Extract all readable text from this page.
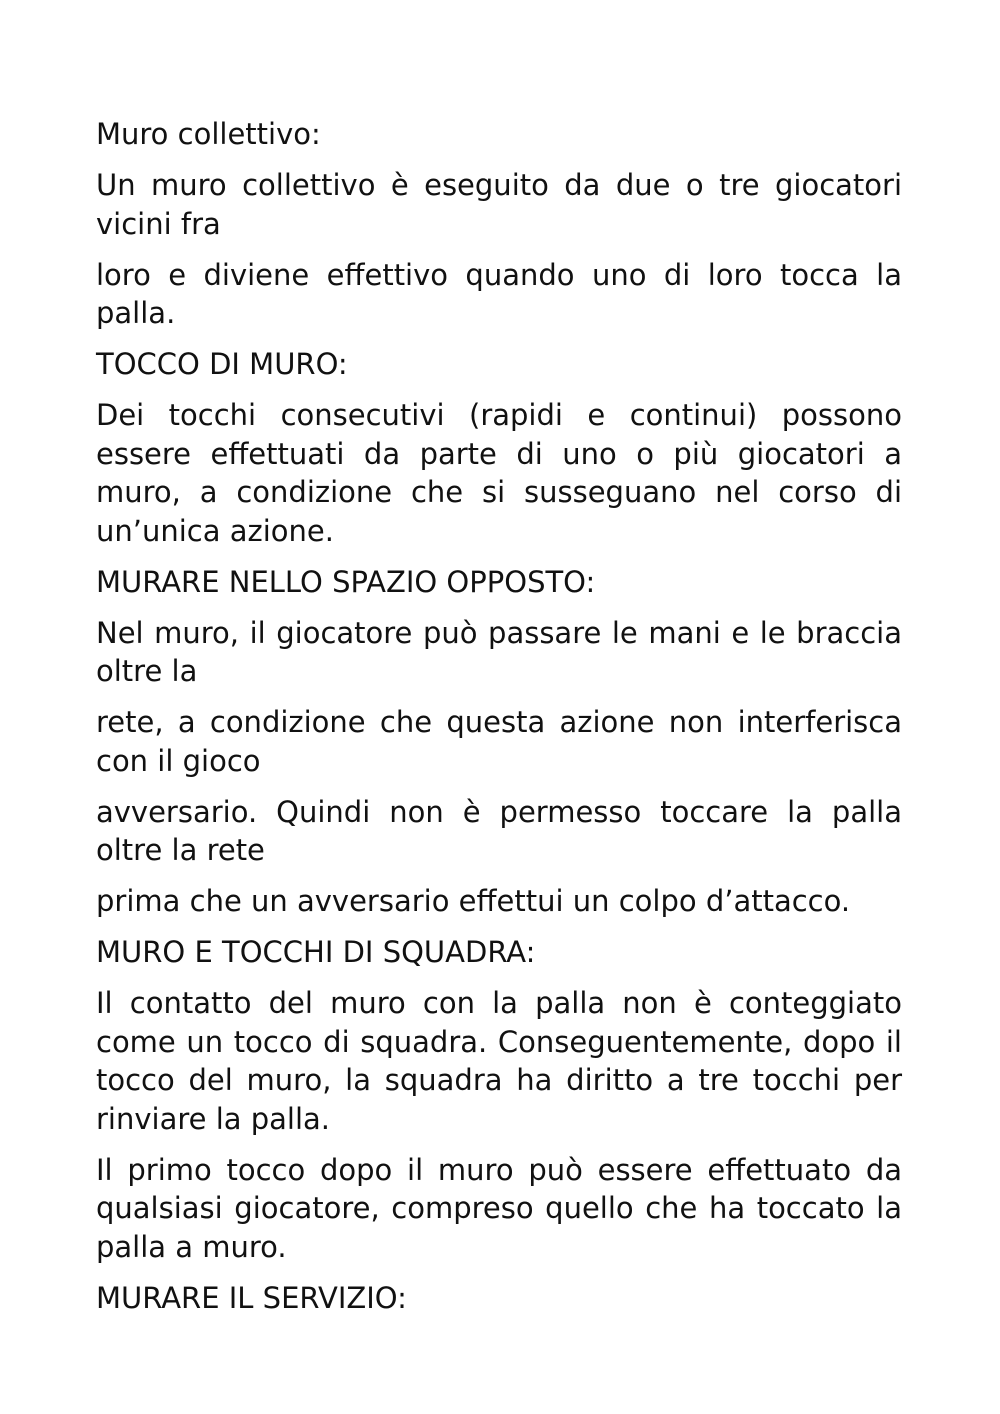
Muro collettivo:

Un muro collettivo è eseguito da due o tre giocatori vicini fra

loro e diviene effettivo quando uno di loro tocca la palla.

TOCCO DI MURO:

Dei tocchi consecutivi (rapidi e continui) possono essere effettuati da parte di uno o più giocatori a muro, a condizione che si susseguano nel corso di un’unica azione.

MURARE NELLO SPAZIO OPPOSTO:

Nel muro, il giocatore può passare le mani e le braccia oltre la

rete, a condizione che questa azione non interferisca con il gioco

avversario. Quindi non è permesso toccare la palla oltre la rete

prima che un avversario effettui un colpo d’attacco.

MURO E TOCCHI DI SQUADRA:

Il contatto del muro con la palla non è conteggiato come un tocco di squadra. Conseguentemente, dopo il tocco del muro, la squadra ha diritto a tre tocchi per rinviare la palla.

Il primo tocco dopo il muro può essere effettuato da qualsiasi giocatore, compreso quello che ha toccato la palla a muro.

MURARE IL SERVIZIO:
